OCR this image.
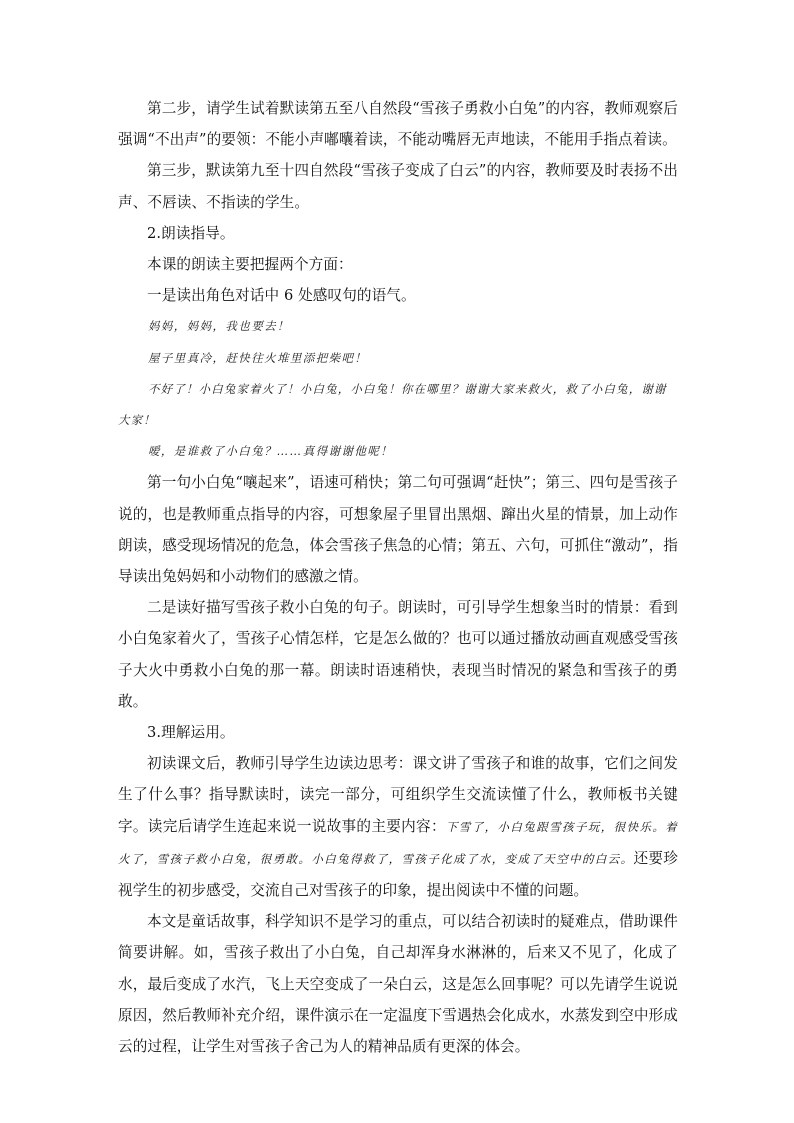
第二步，请学生试着默读第五至八自然段“雪孩子勇救小白兔”的内容，教师观察后强调“不出声”的要领：不能小声嘟囔着读，不能动嘴唇无声地读，不能用手指点着读。

第三步，默读第九至十四自然段“雪孩子变成了白云”的内容，教师要及时表扬不出声、不唇读、不指读的学生。

2.朗读指导。

本课的朗读主要把握两个方面：

一是读出角色对话中 6 处感叹句的语气。

妈妈，妈妈，我也要去！

屋子里真冷，赶快往火堆里添把柴吧！

不好了！小白兔家着火了！小白兔，小白兔！你在哪里？谢谢大家来救火，救了小白兔，谢谢大家！

嗳，是谁救了小白兔？……真得谢谢他呢！

第一句小白兔“嚷起来”，语速可稍快；第二句可强调“赶快”；第三、四句是雪孩子说的，也是教师重点指导的内容，可想象屋子里冒出黑烟、蹿出火星的情景，加上动作朗读，感受现场情况的危急，体会雪孩子焦急的心情；第五、六句，可抓住“激动”，指导读出兔妈妈和小动物们的感激之情。

二是读好描写雪孩子救小白兔的句子。朗读时，可引导学生想象当时的情景：看到小白兔家着火了，雪孩子心情怎样，它是怎么做的？也可以通过播放动画直观感受雪孩子大火中勇救小白兔的那一幕。朗读时语速稍快，表现当时情况的紧急和雪孩子的勇敢。

3.理解运用。

初读课文后，教师引导学生边读边思考：课文讲了雪孩子和谁的故事，它们之间发生了什么事？指导默读时，读完一部分，可组织学生交流读懂了什么，教师板书关键字。读完后请学生连起来说一说故事的主要内容：下雪了，小白兔跟雪孩子玩，很快乐。着火了，雪孩子救小白兔，很勇敢。小白兔得救了，雪孩子化成了水，变成了天空中的白云。还要珍视学生的初步感受，交流自己对雪孩子的印象，提出阅读中不懂的问题。

本文是童话故事，科学知识不是学习的重点，可以结合初读时的疑难点，借助课件简要讲解。如，雪孩子救出了小白兔，自己却浑身水淋淋的，后来又不见了，化成了水，最后变成了水汽，飞上天空变成了一朵白云，这是怎么回事呢？可以先请学生说说原因，然后教师补充介绍，课件演示在一定温度下雪遇热会化成水，水蒸发到空中形成云的过程，让学生对雪孩子舍己为人的精神品质有更深的体会。
